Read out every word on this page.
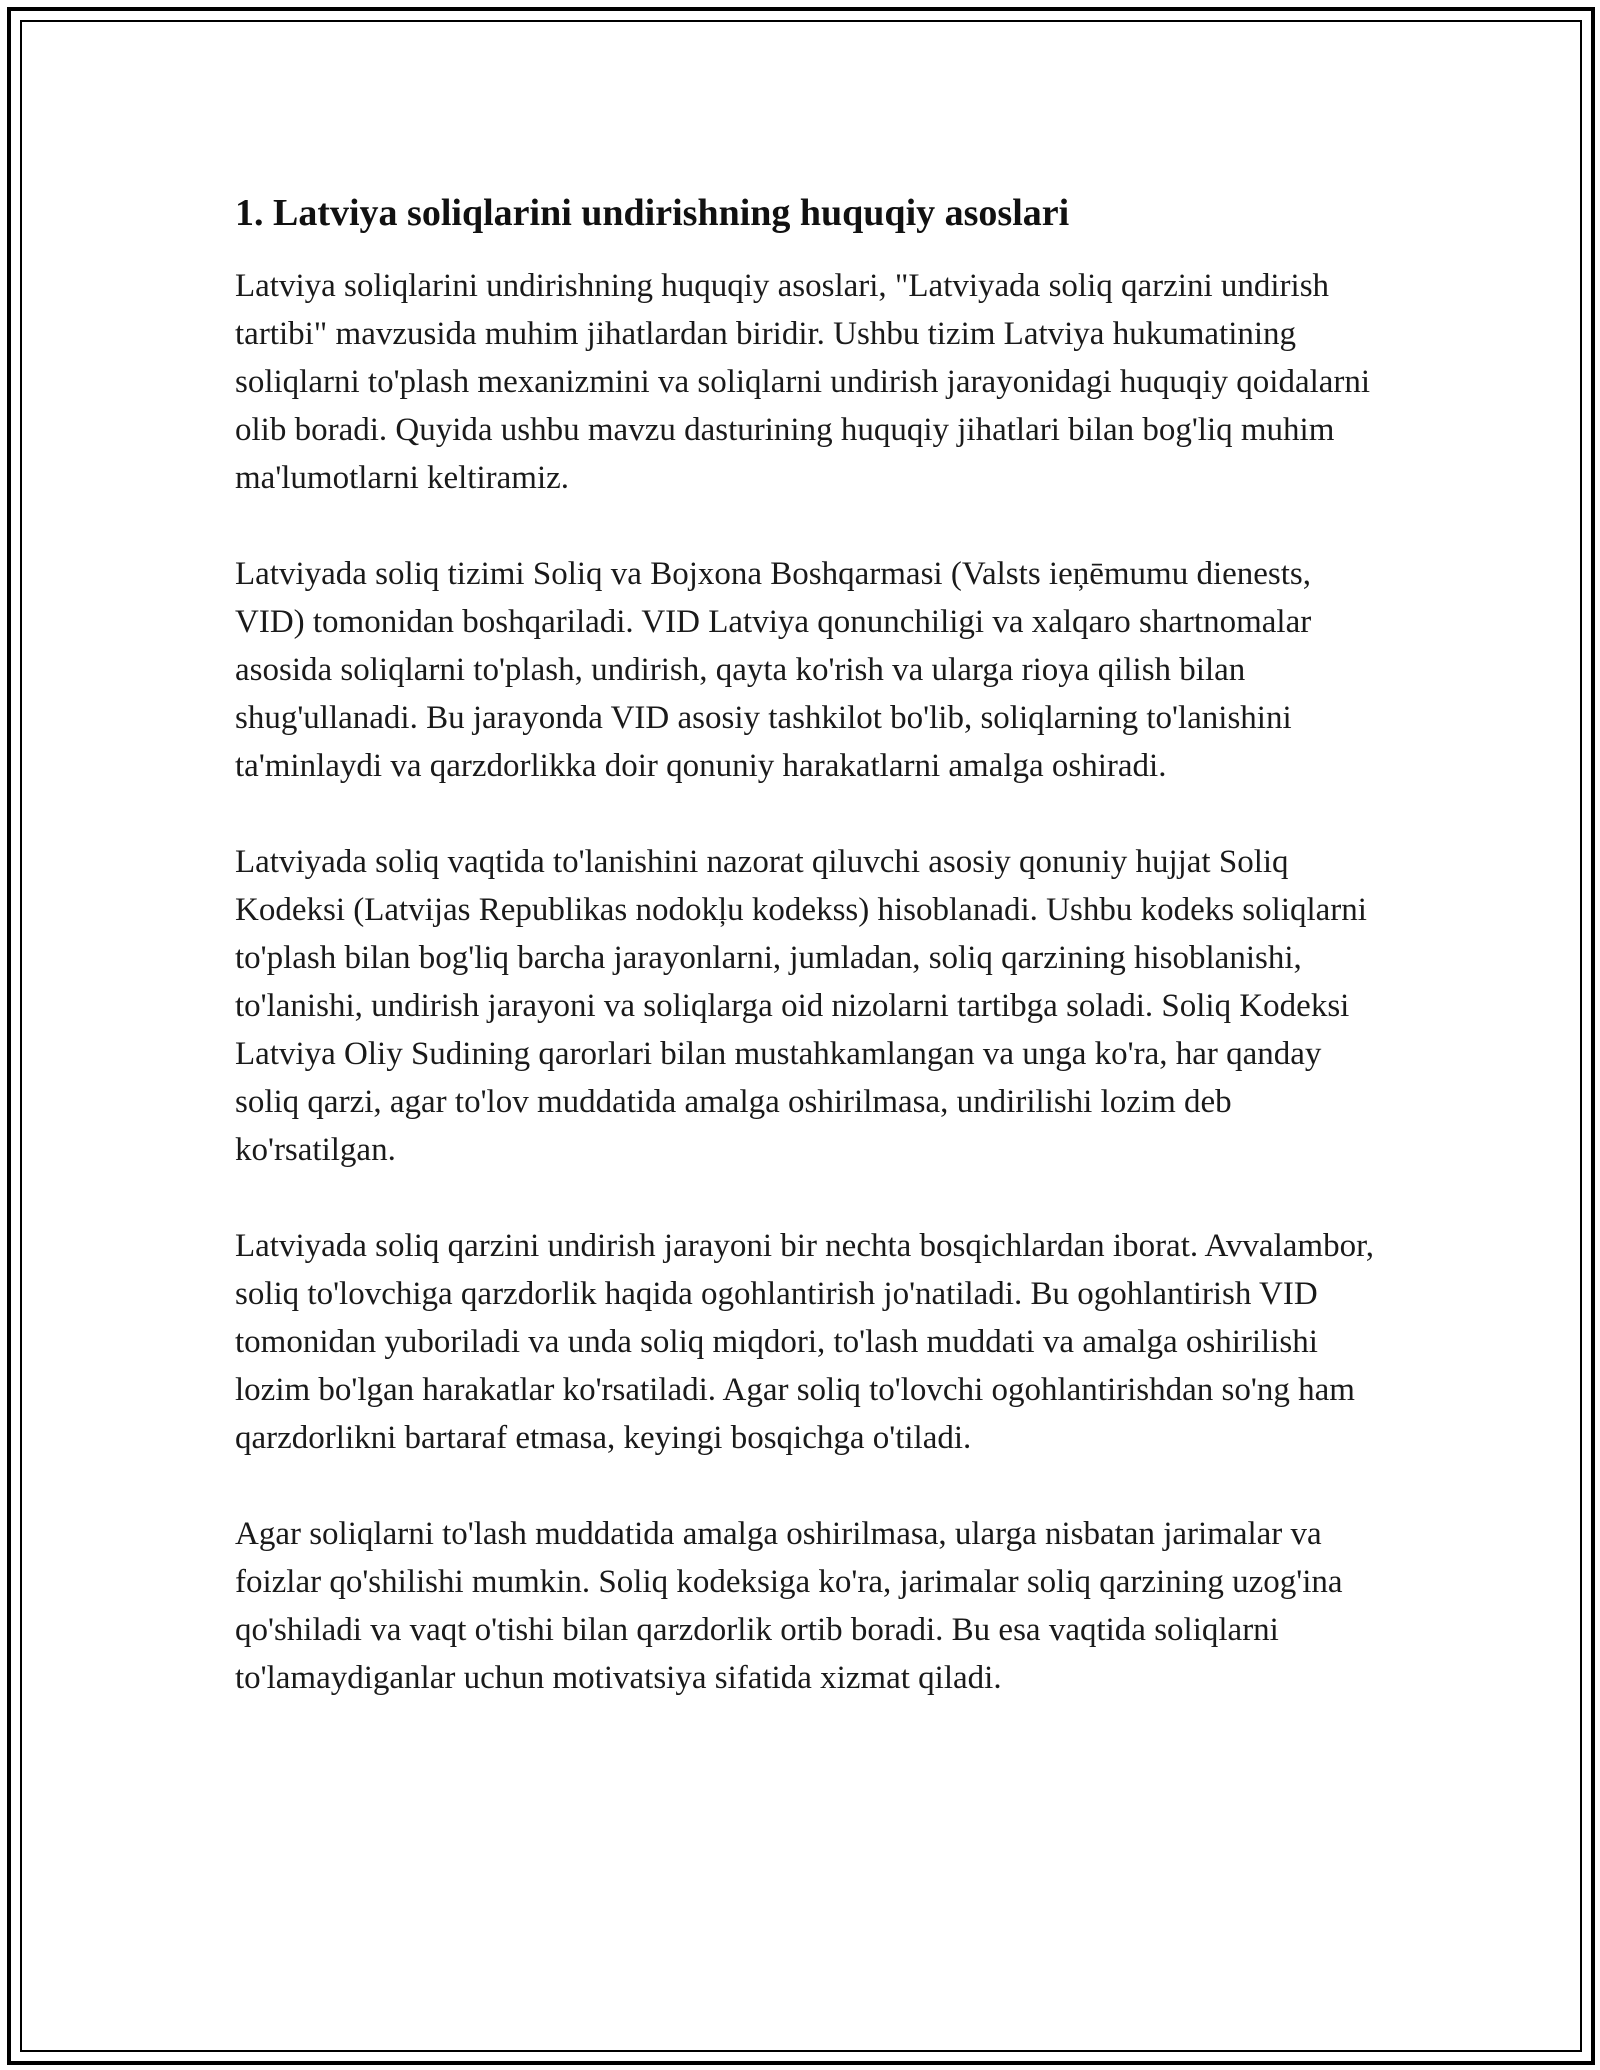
1. Latviya soliqlarini undirishning huquqiy asoslari

Latviya soliqlarini undirishning huquqiy asoslari, "Latviyada soliq qarzini undirish tartibi" mavzusida muhim jihatlardan biridir. Ushbu tizim Latviya hukumatining soliqlarni to'plash mexanizmini va soliqlarni undirish jarayonidagi huquqiy qoidalarni olib boradi. Quyida ushbu mavzu dasturining huquqiy jihatlari bilan bog'liq muhim ma'lumotlarni keltiramiz.

Latviyada soliq tizimi Soliq va Bojxona Boshqarmasi (Valsts ieņēmumu dienests, VID) tomonidan boshqariladi. VID Latviya qonunchiligi va xalqaro shartnomalar asosida soliqlarni to'plash, undirish, qayta ko'rish va ularga rioya qilish bilan shug'ullanadi. Bu jarayonda VID asosiy tashkilot bo'lib, soliqlarning to'lanishini ta'minlaydi va qarzdorlikka doir qonuniy harakatlarni amalga oshiradi.

Latviyada soliq vaqtida to'lanishini nazorat qiluvchi asosiy qonuniy hujjat Soliq Kodeksi (Latvijas Republikas nodokļu kodekss) hisoblanadi. Ushbu kodeks soliqlarni to'plash bilan bog'liq barcha jarayonlarni, jumladan, soliq qarzining hisoblanishi, to'lanishi, undirish jarayoni va soliqlarga oid nizolarni tartibga soladi. Soliq Kodeksi Latviya Oliy Sudining qarorlari bilan mustahkamlangan va unga ko'ra, har qanday soliq qarzi, agar to'lov muddatida amalga oshirilmasa, undirilishi lozim deb ko'rsatilgan.

Latviyada soliq qarzini undirish jarayoni bir nechta bosqichlardan iborat. Avvalambor, soliq to'lovchiga qarzdorlik haqida ogohlantirish jo'natiladi. Bu ogohlantirish VID tomonidan yuboriladi va unda soliq miqdori, to'lash muddati va amalga oshirilishi lozim bo'lgan harakatlar ko'rsatiladi. Agar soliq to'lovchi ogohlantirishdan so'ng ham qarzdorlikni bartaraf etmasa, keyingi bosqichga o'tiladi.

Agar soliqlarni to'lash muddatida amalga oshirilmasa, ularga nisbatan jarimalar va foizlar qo'shilishi mumkin. Soliq kodeksiga ko'ra, jarimalar soliq qarzining uzog'ina qo'shiladi va vaqt o'tishi bilan qarzdorlik ortib boradi. Bu esa vaqtida soliqlarni to'lamaydiganlar uchun motivatsiya sifatida xizmat qiladi.
